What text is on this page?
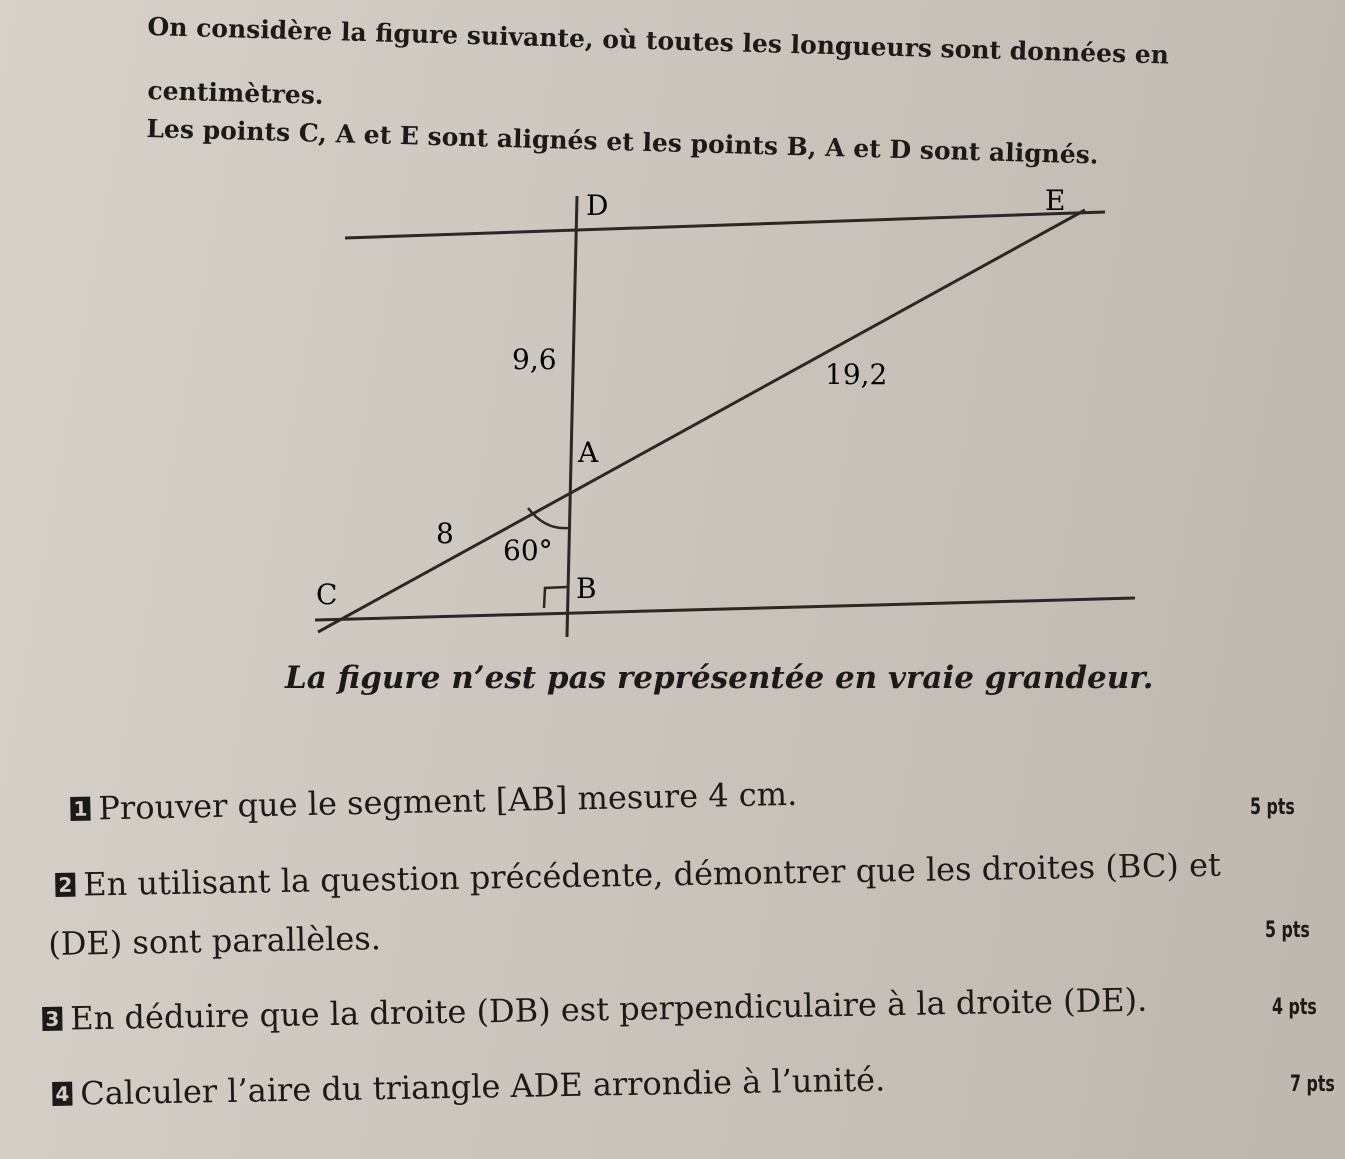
On considère la figure suivante, où toutes les longueurs sont données en
centimètres.
Les points C, A et E sont alignés et les points B, A et D sont alignés.
D	E
A
B
C
9,6	19,2
8
60°
La figure n’est pas représentée en vraie grandeur.
1 Prouver que le segment [AB] mesure 4 cm.	5 pts
2 En utilisant la question précédente, démontrer que les droites (BC) et
(DE) sont parallèles.	5 pts
3 En déduire que la droite (DB) est perpendiculaire à la droite (DE).	4 pts
4 Calculer l’aire du triangle ADE arrondie à l’unité.	7 pts
